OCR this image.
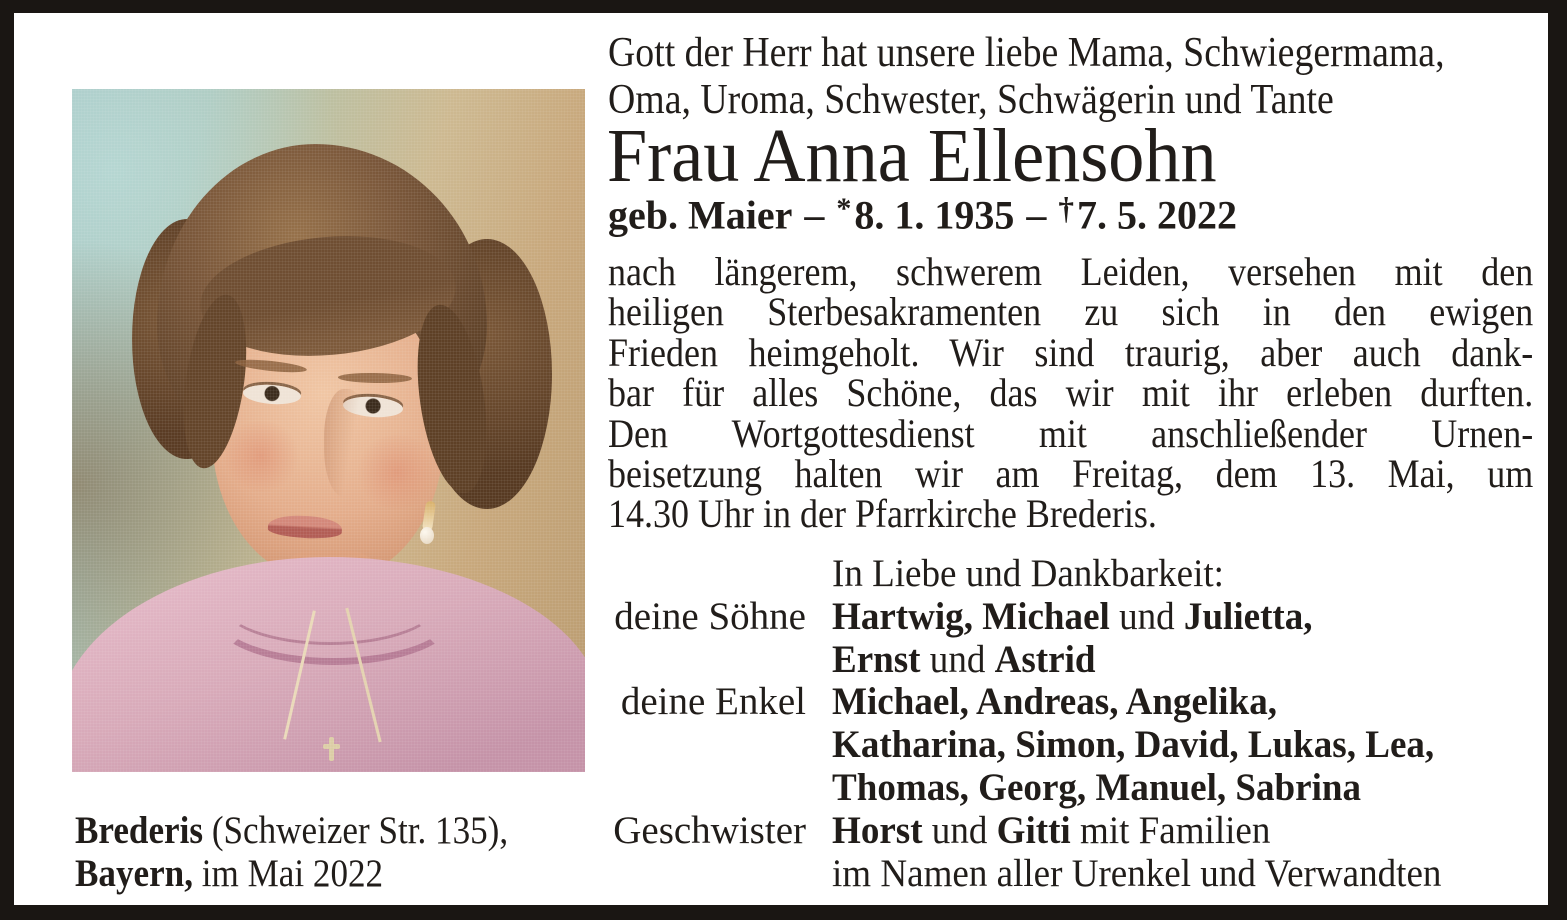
Gott der Herr hat unsere liebe Mama, Schwiegermama,
Oma, Uroma, Schwester, Schwägerin und Tante
Frau Anna Ellensohn
geb. Maier – *8. 1. 1935 – †7. 5. 2022
nach längerem, schwerem Leiden, versehen mit den
heiligen Sterbesakramenten zu sich in den ewigen
Frieden heimgeholt. Wir sind traurig, aber auch dank-
bar für alles Schöne, das wir mit ihr erleben durften.
Den Wortgottesdienst mit anschließender Urnen-
beisetzung halten wir am Freitag, dem 13. Mai, um
14.30 Uhr in der Pfarrkirche Brederis.
In Liebe und Dankbarkeit:
deine Söhne Hartwig, Michael und Julietta,
Ernst und Astrid
deine Enkel Michael, Andreas, Angelika,
Katharina, Simon, David, Lukas, Lea,
Thomas, Georg, Manuel, Sabrina
Geschwister Horst und Gitti mit Familien
im Namen aller Urenkel und Verwandten
Brederis (Schweizer Str. 135),
Bayern, im Mai 2022
